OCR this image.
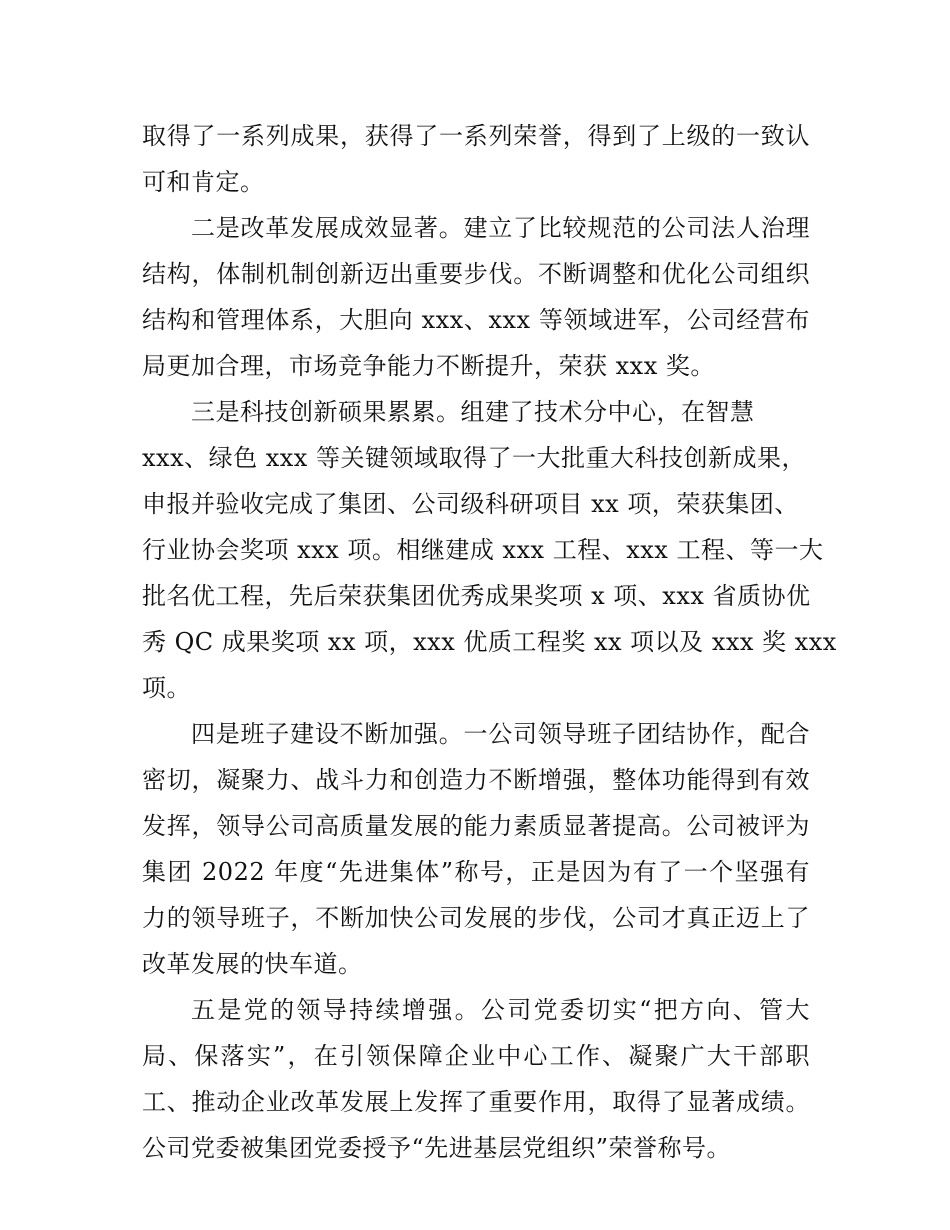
取得了一系列成果，获得了一系列荣誉，得到了上级的一致认
可和肯定。
二是改革发展成效显著。建立了比较规范的公司法人治理
结构，体制机制创新迈出重要步伐。不断调整和优化公司组织
结构和管理体系，大胆向 xxx、xxx 等领域进军，公司经营布
局更加合理，市场竞争能力不断提升，荣获 xxx 奖。
三是科技创新硕果累累。组建了技术分中心，在智慧
xxx、绿色 xxx 等关键领域取得了一大批重大科技创新成果，
申报并验收完成了集团、公司级科研项目 xx 项，荣获集团、
行业协会奖项 xxx 项。相继建成 xxx 工程、xxx 工程、等一大
批名优工程，先后荣获集团优秀成果奖项 x 项、xxx 省质协优
秀 QC 成果奖项 xx 项，xxx 优质工程奖 xx 项以及 xxx 奖 xxx
项。
四是班子建设不断加强。一公司领导班子团结协作，配合
密切，凝聚力、战斗力和创造力不断增强，整体功能得到有效
发挥，领导公司高质量发展的能力素质显著提高。公司被评为
集团 2022 年度“先进集体”称号，正是因为有了一个坚强有
力的领导班子，不断加快公司发展的步伐，公司才真正迈上了
改革发展的快车道。
五是党的领导持续增强。公司党委切实“把方向、管大
局、保落实”，在引领保障企业中心工作、凝聚广大干部职
工、推动企业改革发展上发挥了重要作用，取得了显著成绩。
公司党委被集团党委授予“先进基层党组织”荣誉称号。
